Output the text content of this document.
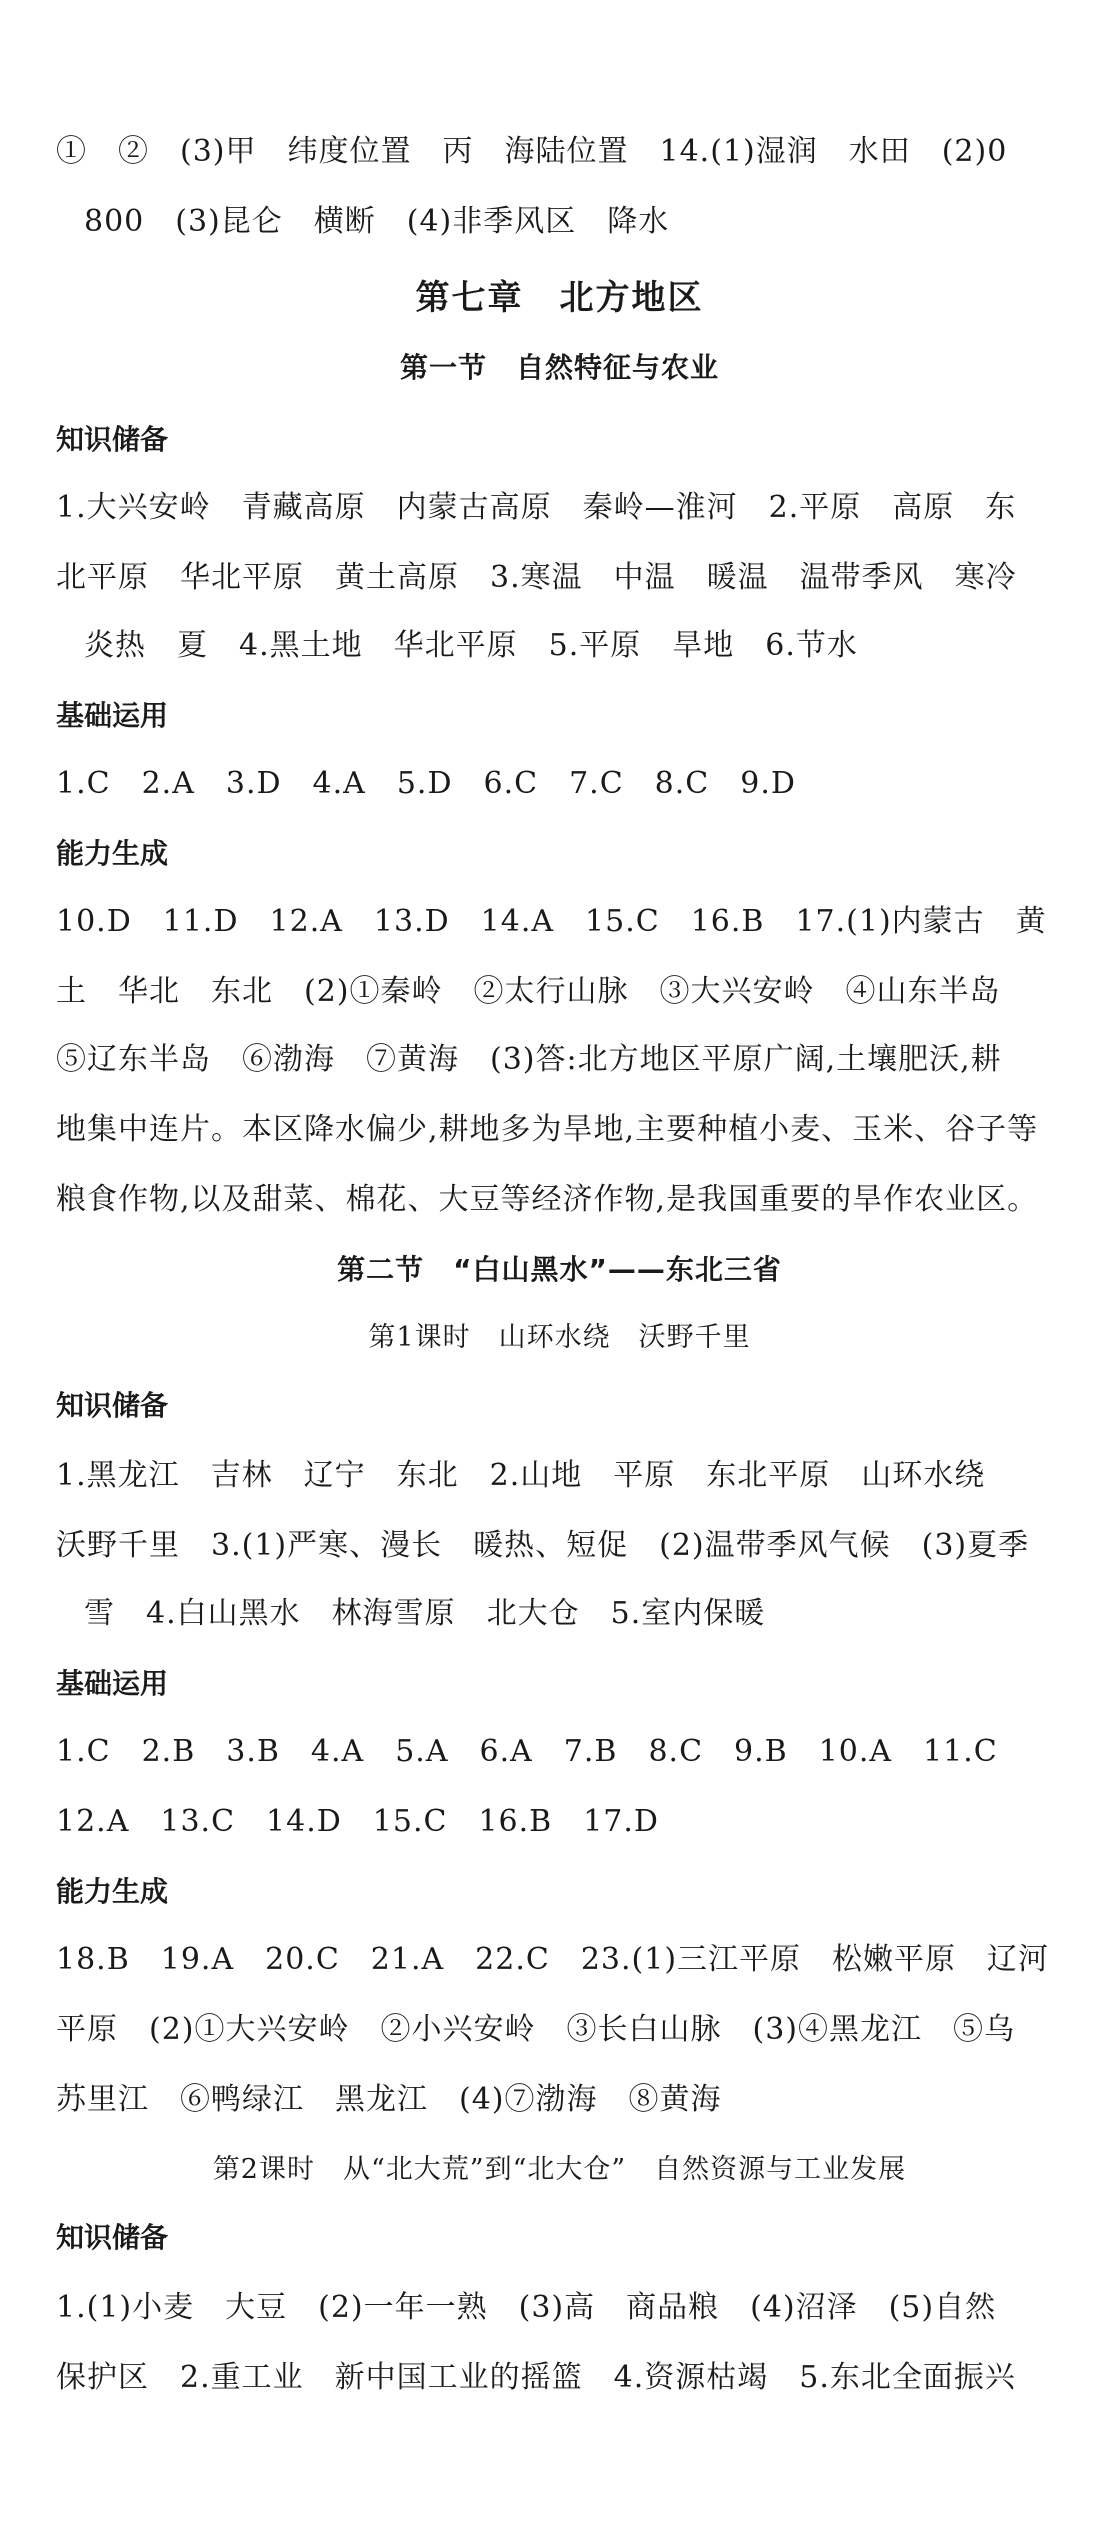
①　②　(3)甲　纬度位置　丙　海陆位置　14.(1)湿润　水田　(2)0
800　(3)昆仑　横断　(4)非季风区　降水
第七章　北方地区
第一节　自然特征与农业
知识储备
1.大兴安岭　青藏高原　内蒙古高原　秦岭—淮河　2.平原　高原　东
北平原　华北平原　黄土高原　3.寒温　中温　暖温　温带季风　寒冷
炎热　夏　4.黑土地　华北平原　5.平原　旱地　6.节水
基础运用
1.C　2.A　3.D　4.A　5.D　6.C　7.C　8.C　9.D
能力生成
10.D　11.D　12.A　13.D　14.A　15.C　16.B　17.(1)内蒙古　黄
土　华北　东北　(2)①秦岭　②太行山脉　③大兴安岭　④山东半岛
⑤辽东半岛　⑥渤海　⑦黄海　(3)答:北方地区平原广阔,土壤肥沃,耕
地集中连片。本区降水偏少,耕地多为旱地,主要种植小麦、玉米、谷子等
粮食作物,以及甜菜、棉花、大豆等经济作物,是我国重要的旱作农业区。
第二节　“白山黑水”——东北三省
第1课时　山环水绕　沃野千里
知识储备
1.黑龙江　吉林　辽宁　东北　2.山地　平原　东北平原　山环水绕
沃野千里　3.(1)严寒、漫长　暖热、短促　(2)温带季风气候　(3)夏季
雪　4.白山黑水　林海雪原　北大仓　5.室内保暖
基础运用
1.C　2.B　3.B　4.A　5.A　6.A　7.B　8.C　9.B　10.A　11.C
12.A　13.C　14.D　15.C　16.B　17.D
能力生成
18.B　19.A　20.C　21.A　22.C　23.(1)三江平原　松嫩平原　辽河
平原　(2)①大兴安岭　②小兴安岭　③长白山脉　(3)④黑龙江　⑤乌
苏里江　⑥鸭绿江　黑龙江　(4)⑦渤海　⑧黄海
第2课时　从“北大荒”到“北大仓”　自然资源与工业发展
知识储备
1.(1)小麦　大豆　(2)一年一熟　(3)高　商品粮　(4)沼泽　(5)自然
保护区　2.重工业　新中国工业的摇篮　4.资源枯竭　5.东北全面振兴
